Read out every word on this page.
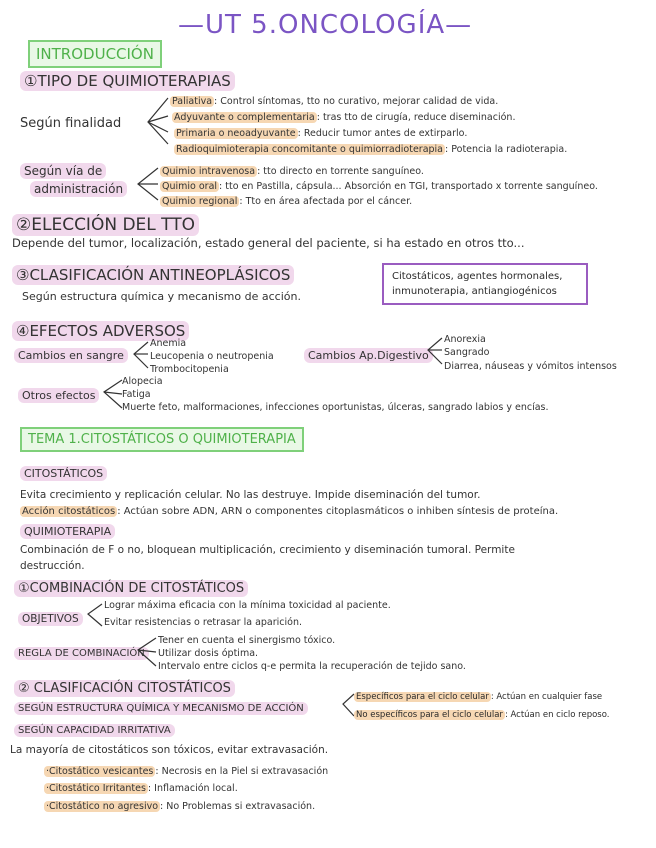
—UT 5.ONCOLOGÍA—
INTRODUCCIÓN
①TIPO DE QUIMIOTERAPIAS
Según finalidad
Paliativa : Control síntomas, tto no curativo, mejorar calidad de vida.
Adyuvante o complementaria : tras tto de cirugía, reduce diseminación.
Primaria o neoadyuvante : Reducir tumor antes de extirparlo.
Radioquimioterapia concomitante o quimiorradioterapia : Potencia la radioterapia.
Según vía de
administración
Quimio intravenosa : tto directo en torrente sanguíneo.
Quimio oral : tto en Pastilla, cápsula... Absorción en TGI, transportado x torrente sanguíneo.
Quimio regional : Tto en área afectada por el cáncer.
②ELECCIÓN DEL TTO
Depende del tumor, localización, estado general del paciente, si ha estado en otros tto...
③CLASIFICACIÓN ANTINEOPLÁSICOS
Según estructura química y mecanismo de acción.
Citostáticos, agentes hormonales,
inmunoterapia, antiangiogénicos
④EFECTOS ADVERSOS
Cambios en sangre
Anemia
Leucopenia o neutropenia
Trombocitopenia
Cambios Ap.Digestivo
Anorexia
Sangrado
Diarrea, náuseas y vómitos intensos
Otros efectos
Alopecia
Fatiga
Muerte feto, malformaciones, infecciones oportunistas, úlceras, sangrado labios y encías.
TEMA 1.CITOSTÁTICOS O QUIMIOTERAPIA
CITOSTÁTICOS
Evita crecimiento y replicación celular. No las destruye. Impide diseminación del tumor.
Acción citostáticos : Actúan sobre ADN, ARN o componentes citoplasmáticos o inhiben síntesis de proteína.
QUIMIOTERAPIA
Combinación de F o no, bloquean multiplicación, crecimiento y diseminación tumoral. Permite
destrucción.
①COMBINACIÓN DE CITOSTÁTICOS
OBJETIVOS
Lograr máxima eficacia con la mínima toxicidad al paciente.
Evitar resistencias o retrasar la aparición.
REGLA DE COMBINACIÓN
Tener en cuenta el sinergismo tóxico.
Utilizar dosis óptima.
Intervalo entre ciclos q-e permita la recuperación de tejido sano.
② CLASIFICACIÓN CITOSTÁTICOS
SEGÚN ESTRUCTURA QUÍMICA Y MECANISMO DE ACCIÓN
Específicos para el ciclo celular : Actúan en cualquier fase
No específicos para el ciclo celular : Actúan en ciclo reposo.
SEGÚN CAPACIDAD IRRITATIVA
La mayoría de citostáticos son tóxicos, evitar extravasación.
·Citostático vesicantes : Necrosis en la Piel si extravasación
·Citostático Irritantes : Inflamación local.
·Citostático no agresivo : No Problemas si extravasación.
